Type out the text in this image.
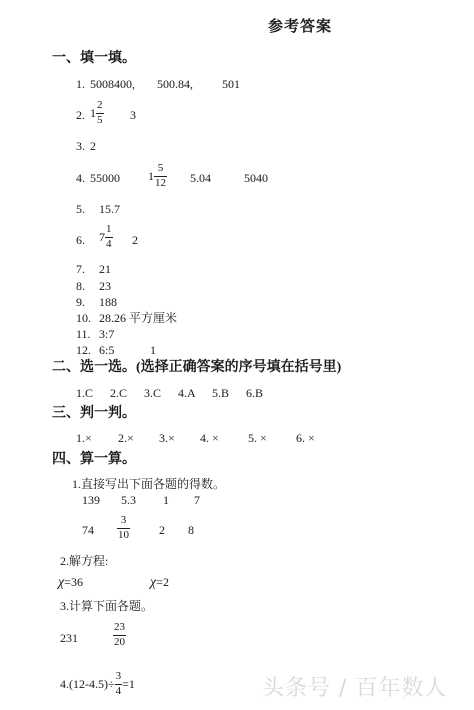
参考答案
一、填一填。
1. 5008400, 500.84, 501
2. $1 \frac{2}{5} 3$
3. 2
4. 55000 $1 \frac{5}{12} 5.04$	5040
5. 15.7
6. $7 \frac{1}{4} 2$
7. 21
8. 23
9. 188
10. 28.26 平方厘米
11. 3:7
12. 6:5	1
二、选一选。(选择正确答案的序号填在括号里)
1.C 2.C 3.C 4.A 5.B 6.B
三、判一判。
1.× 2.× 3.× 4. × 5. × 6. ×
四、算一算。
1.直接写出下面各题的得数。
139 5.3 1 7
74
3
10	2 8
2.解方程:
χ=36	χ=2
3.计算下面各题。
231
23
20
$4.(12-4.5)\div \frac{3}{4} =1$	头条号 / 百年数人
